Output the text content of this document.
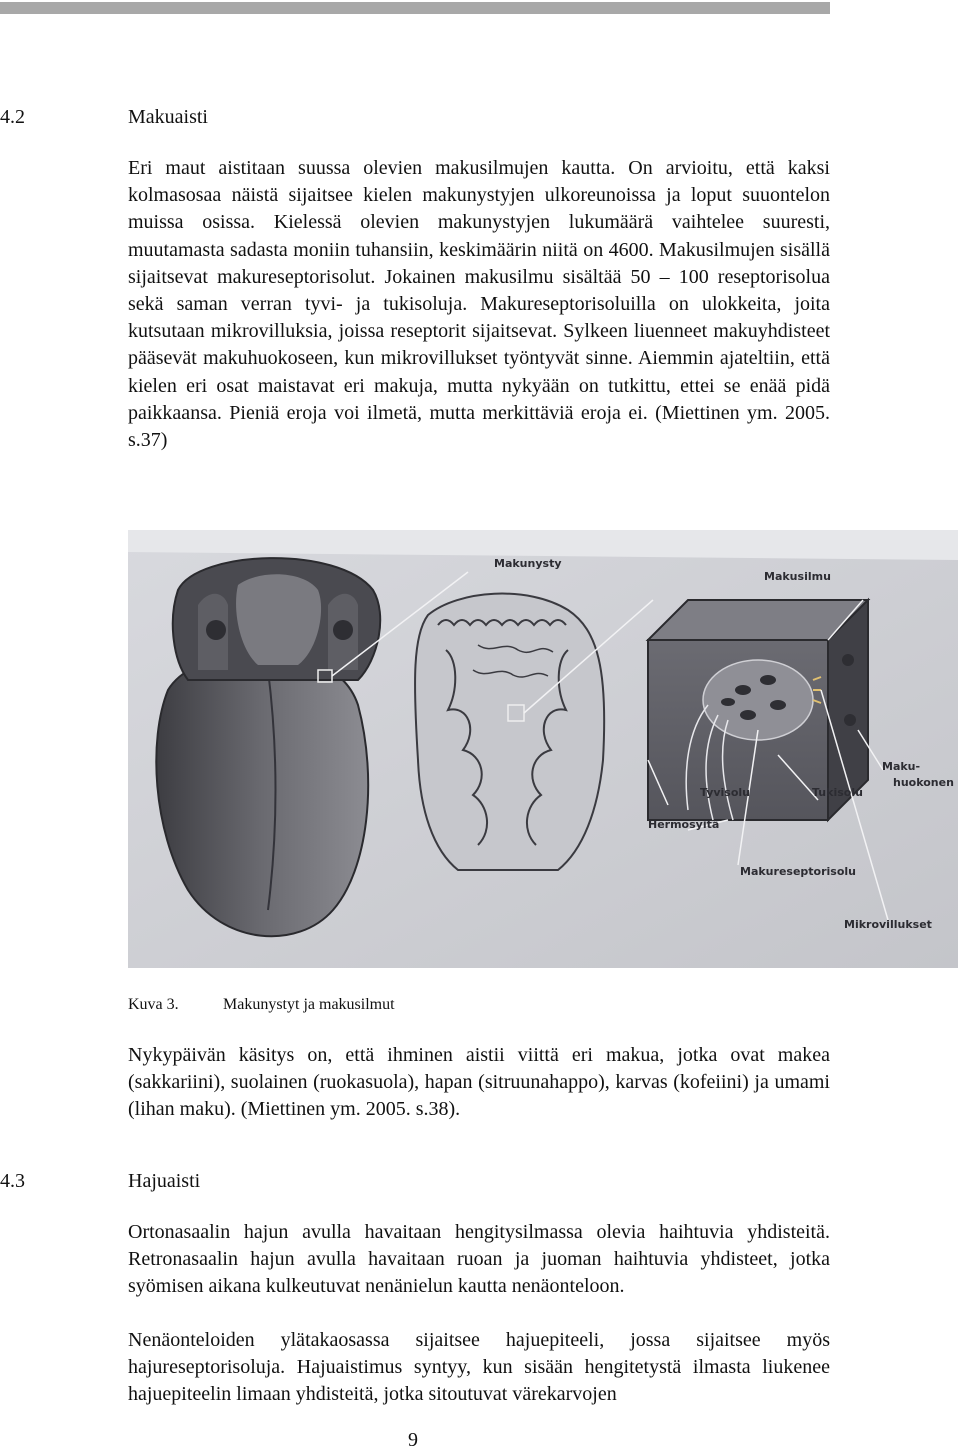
4.2	Makuaisti
Eri maut aistitaan suussa olevien makusilmujen kautta. On arvioitu, että kaksi kolmasosaa näistä sijaitsee kielen makunystyjen ulkoreunoissa ja loput suuontelon muissa osissa. Kielessä olevien makunystyjen lukumäärä vaihtelee suuresti, muutamasta sadasta moniin tuhansiin, keskimäärin niitä on 4600. Makusilmujen sisällä sijaitsevat makureseptorisolut. Jokainen makusilmu sisältää 50 – 100 reseptorisolua sekä saman verran tyvi- ja tukisoluja. Makureseptorisoluilla on ulokkeita, joita kutsutaan mikrovilluksia, joissa reseptorit sijaitsevat. Sylkeen liuenneet makuyhdisteet pääsevät makuhuokoseen, kun mikrovillukset työntyvät sinne. Aiemmin ajateltiin, että kielen eri osat maistavat eri makuja, mutta nykyään on tutkittu, ettei se enää pidä paikkaansa. Pieniä eroja voi ilmetä, mutta merkittäviä eroja ei. (Miettinen ym. 2005. s.37)
Makunysty
Makusilmu
Maku-
huokonen
Tyvisolu	Tukisolu
Hermosyitä
Makureseptorisolu
Mikrovillukset
Kuva 3.	Makunystyt ja makusilmut
Nykypäivän käsitys on, että ihminen aistii viittä eri makua, jotka ovat makea (sakkariini), suolainen (ruokasuola), hapan (sitruunahappo), karvas (kofeiini) ja umami (lihan maku). (Miettinen ym. 2005. s.38).
4.3	Hajuaisti
Ortonasaalin hajun avulla havaitaan hengitysilmassa olevia haihtuvia yhdisteitä. Retronasaalin hajun avulla havaitaan ruoan ja juoman haihtuvia yhdisteet, jotka syömisen aikana kulkeutuvat nenänielun kautta nenäonteloon.
Nenäonteloiden ylätakaosassa sijaitsee hajuepiteeli, jossa sijaitsee myös hajureseptorisoluja. Hajuaistimus syntyy, kun sisään hengitetystä ilmasta liukenee hajuepiteelin limaan yhdisteitä, jotka sitoutuvat värekarvojen
9
